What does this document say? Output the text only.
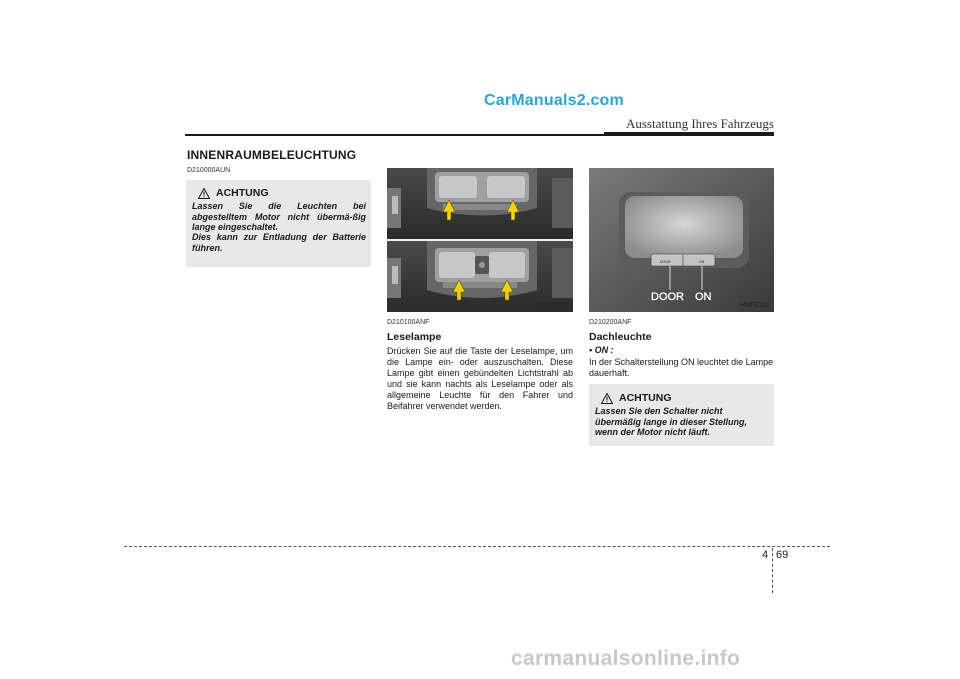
CarManuals2.com
Ausstattung Ihres Fahrzeugs
INNENRAUMBELEUCHTUNG
D210000AUN
ACHTUNG
Lassen Sie die Leuchten bei abgestelltem Motor nicht übermä-ßig lange eingeschaltet.
Dies kann zur Entladung der Batterie führen.
HNF2109
D210100ANF
Leselampe
Drücken Sie auf die Taste der Leselampe, um die Lampe ein- oder auszuschalten. Diese Lampe gibt einen gebündelten Lichtstrahl ab und sie kann nachts als Leselampe oder als allgemeine Leuchte für den Fahrer und Beifahrer verwendet werden.
DOOR	ON
DOOR ON
HNF2110
D210200ANF
Dachleuchte
• ON :
In der Schalterstellung ON leuchtet die Lampe dauerhaft.
ACHTUNG
Lassen Sie den Schalter nicht übermäßig lange in dieser Stellung, wenn der Motor nicht läuft.
4 69
carmanualsonline.info
